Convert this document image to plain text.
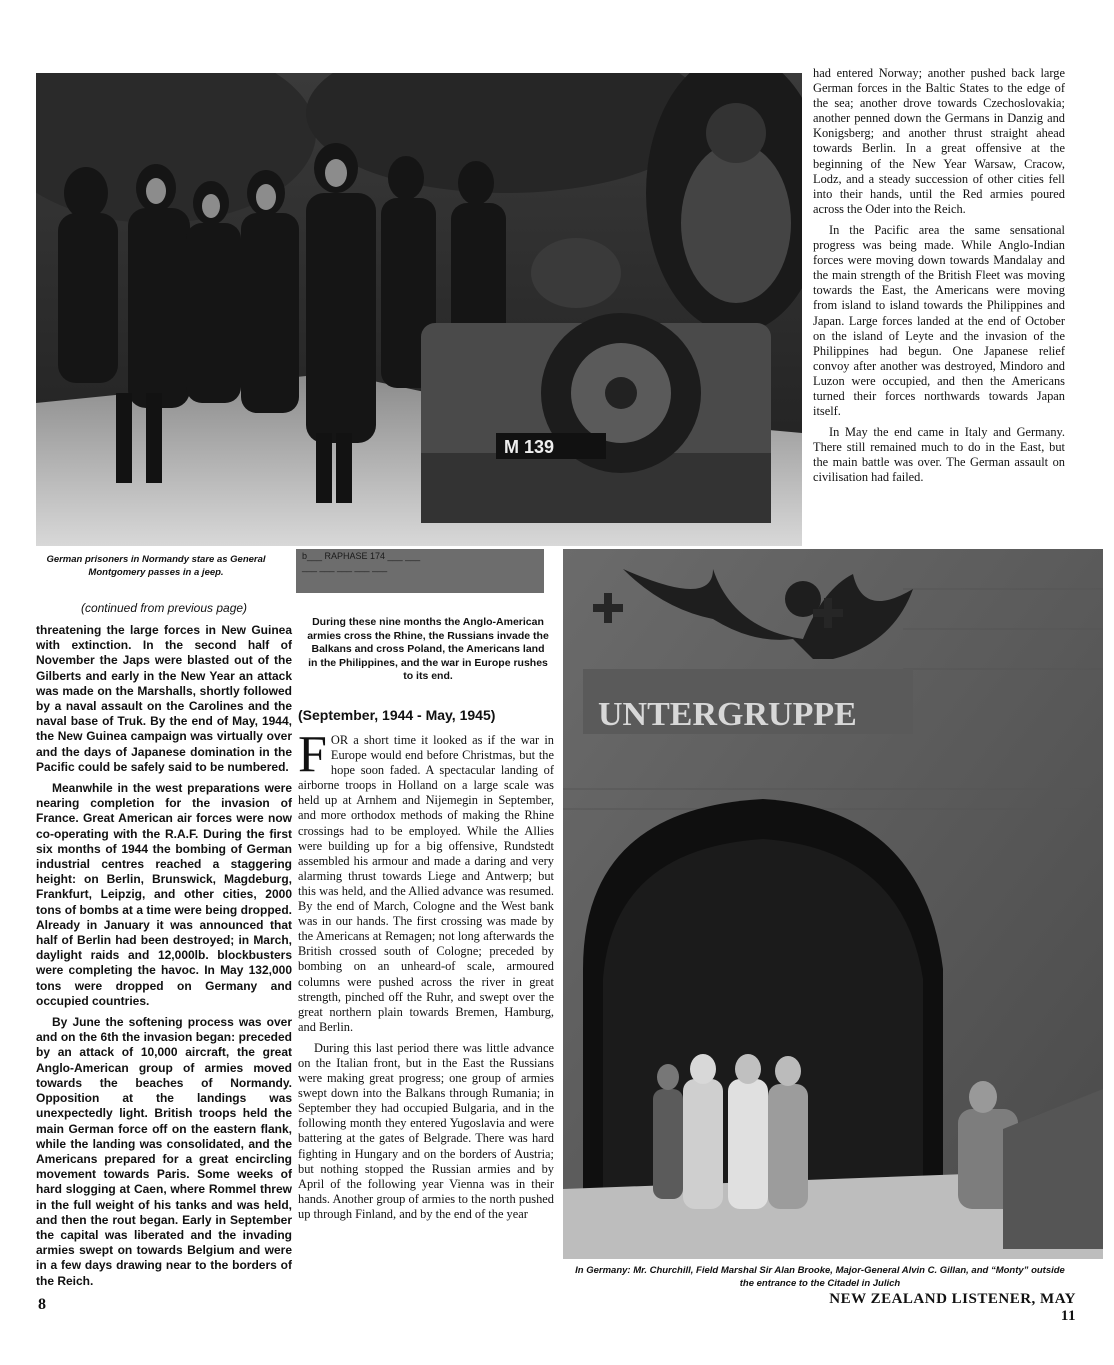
M 139
German prisoners in Normandy stare as General Montgomery passes in a jeep.

had entered Norway; another pushed back large German forces in the Baltic States to the edge of the sea; another drove towards Czechoslovakia; another penned down the Germans in Danzig and Konigsberg; and another thrust straight ahead towards Berlin. In a great offensive at the beginning of the New Year Warsaw, Cracow, Lodz, and a steady succession of other cities fell into their hands, until the Red armies poured across the Oder into the Reich.

In the Pacific area the same sensational progress was being made. While Anglo-Indian forces were moving down towards Mandalay and the main strength of the British Fleet was moving towards the East, the Americans were moving from island to island towards the Philippines and Japan. Large forces landed at the end of October on the island of Leyte and the invasion of the Philippines had begun. One Japanese relief convoy after another was destroyed, Mindoro and Luzon were occupied, and then the Americans turned their forces northwards towards Japan itself.

In May the end came in Italy and Germany. There still remained much to do in the East, but the main battle was over. The German assault on civilisation had failed.

b___ RAPHASE 174 ___ ___
___ ___ ___ ___ ___
(continued from previous page)

threatening the large forces in New Guinea with extinction. In the second half of November the Japs were blasted out of the Gilberts and early in the New Year an attack was made on the Marshalls, shortly followed by a naval assault on the Carolines and the naval base of Truk. By the end of May, 1944, the New Guinea campaign was virtually over and the days of Japanese domination in the Pacific could be safely said to be numbered.

Meanwhile in the west preparations were nearing completion for the invasion of France. Great American air forces were now co-operating with the R.A.F. During the first six months of 1944 the bombing of German industrial centres reached a staggering height: on Berlin, Brunswick, Magdeburg, Frankfurt, Leipzig, and other cities, 2000 tons of bombs at a time were being dropped. Already in January it was announced that half of Berlin had been destroyed; in March, daylight raids and 12,000lb. blockbusters were completing the havoc. In May 132,000 tons were dropped on Germany and occupied countries.

By June the softening process was over and on the 6th the invasion began: preceded by an attack of 10,000 aircraft, the great Anglo-American group of armies moved towards the beaches of Normandy. Opposition at the landings was unexpectedly light. British troops held the main German force off on the eastern flank, while the landing was consolidated, and the Americans prepared for a great encircling movement towards Paris. Some weeks of hard slogging at Caen, where Rommel threw in the full weight of his tanks and was held, and then the rout began. Early in September the capital was liberated and the invading armies swept on towards Belgium and were in a few days drawing near to the borders of the Reich.

During these nine months the Anglo-American armies cross the Rhine, the Russians invade the Balkans and cross Poland, the Americans land in the Philippines, and the war in Europe rushes to its end.
(September, 1944 - May, 1945)

F OR a short time it looked as if the war in Europe would end before Christmas, but the hope soon faded. A spectacular landing of airborne troops in Holland on a large scale was held up at Arnhem and Nijemegin in September, and more orthodox methods of making the Rhine crossings had to be employed. While the Allies were building up for a big offensive, Rundstedt assembled his armour and made a daring and very alarming thrust towards Liege and Antwerp; but this was held, and the Allied advance was resumed. By the end of March, Cologne and the West bank was in our hands. The first crossing was made by the Americans at Remagen; not long afterwards the British crossed south of Cologne; preceded by bombing on an unheard-of scale, armoured columns were pushed across the river in great strength, pinched off the Ruhr, and swept over the great northern plain towards Bremen, Hamburg, and Berlin.

During this last period there was little advance on the Italian front, but in the East the Russians were making great progress; one group of armies swept down into the Balkans through Rumania; in September they had occupied Bulgaria, and in the following month they entered Yugoslavia and were battering at the gates of Belgrade. There was hard fighting in Hungary and on the borders of Austria; but nothing stopped the Russian armies and by April of the following year Vienna was in their hands. Another group of armies to the north pushed up through Finland, and by the end of the year

UNTERGRUPPE
In Germany: Mr. Churchill, Field Marshal Sir Alan Brooke, Major-General Alvin C. Gillan, and “Monty” outside the entrance to the Citadel in Julich
8	NEW ZEALAND LISTENER, MAY 11
